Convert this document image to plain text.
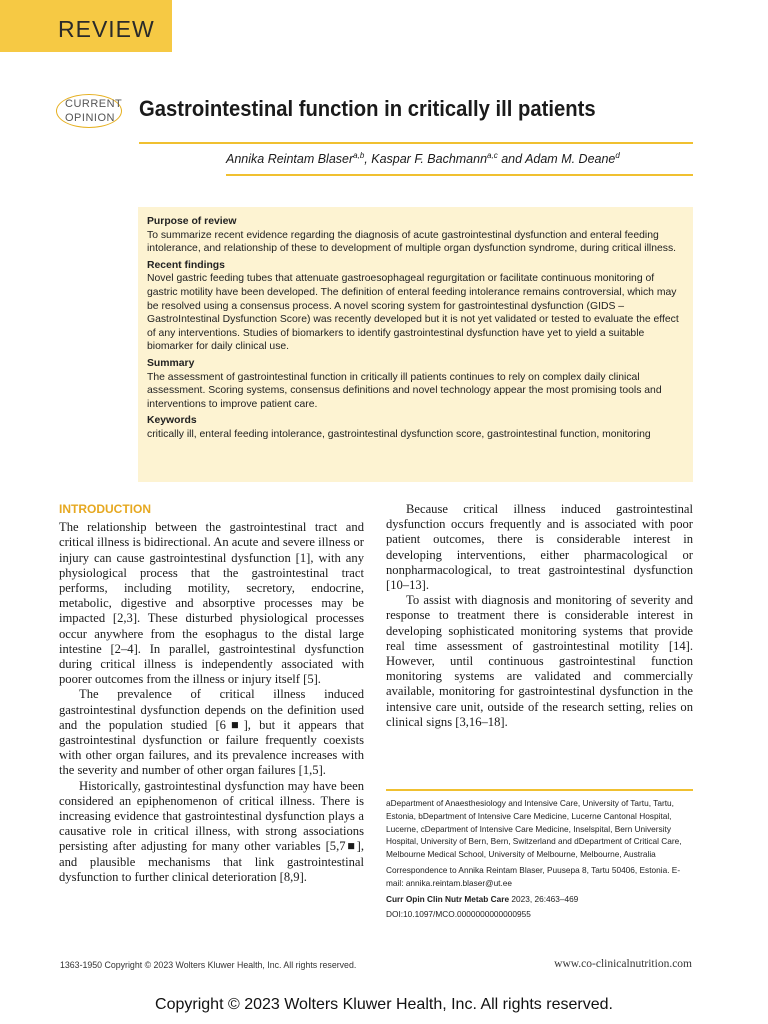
REVIEW
CURRENT
OPINION Gastrointestinal function in critically ill patients
Annika Reintam Blaser$^{a,b}$, Kaspar F. Bachmann$^{a,c}$ and Adam M. Deane$^d$
Purpose of review

To summarize recent evidence regarding the diagnosis of acute gastrointestinal dysfunction and enteral feeding intolerance, and relationship of these to development of multiple organ dysfunction syndrome, during critical illness.

Recent findings

Novel gastric feeding tubes that attenuate gastroesophageal regurgitation or facilitate continuous monitoring of gastric motility have been developed. The definition of enteral feeding intolerance remains controversial, which may be resolved using a consensus process. A novel scoring system for gastrointestinal dysfunction (GIDS – GastroIntestinal Dysfunction Score) was recently developed but it is not yet validated or tested to evaluate the effect of any interventions. Studies of biomarkers to identify gastrointestinal dysfunction have yet to yield a suitable biomarker for daily clinical use.

Summary

The assessment of gastrointestinal function in critically ill patients continues to rely on complex daily clinical assessment. Scoring systems, consensus definitions and novel technology appear the most promising tools and interventions to improve patient care.

Keywords

critically ill, enteral feeding intolerance, gastrointestinal dysfunction score, gastrointestinal function, monitoring

INTRODUCTION

The relationship between the gastrointestinal tract and critical illness is bidirectional. An acute and severe illness or injury can cause gastrointestinal dysfunction [1], with any physiological process that the gastrointestinal tract performs, including motility, secretory, endocrine, metabolic, digestive and absorptive processes may be impacted [2,3]. These disturbed physiological processes occur anywhere from the esophagus to the distal large intestine [2–4]. In parallel, gastrointestinal dysfunction during critical illness is independently associated with poorer outcomes from the illness or injury itself [5].

The prevalence of critical illness induced gastrointestinal dysfunction depends on the definition used and the population studied [6■], but it appears that gastrointestinal dysfunction or failure frequently coexists with other organ failures, and its prevalence increases with the severity and number of other organ failures [1,5].

Historically, gastrointestinal dysfunction may have been considered an epiphenomenon of critical illness. There is increasing evidence that gastrointestinal dysfunction plays a causative role in critical illness, with strong associations persisting after adjusting for many other variables [5,7■], and plausible mechanisms that link gastrointestinal dysfunction to further clinical deterioration [8,9].

Because critical illness induced gastrointestinal dysfunction occurs frequently and is associated with poor patient outcomes, there is considerable interest in developing interventions, either pharmacological or nonpharmacological, to treat gastrointestinal dysfunction [10–13].

To assist with diagnosis and monitoring of severity and response to treatment there is considerable interest in developing sophisticated monitoring systems that provide real time assessment of gastrointestinal motility [14]. However, until continuous gastrointestinal function monitoring systems are validated and commercially available, monitoring for gastrointestinal dysfunction in the intensive care unit, outside of the research setting, relies on clinical signs [3,16–18].

aDepartment of Anaesthesiology and Intensive Care, University of Tartu, Tartu, Estonia, bDepartment of Intensive Care Medicine, Lucerne Cantonal Hospital, Lucerne, cDepartment of Intensive Care Medicine, Inselspital, Bern University Hospital, University of Bern, Bern, Switzerland and dDepartment of Critical Care, Melbourne Medical School, University of Melbourne, Melbourne, Australia

Correspondence to Annika Reintam Blaser, Puusepa 8, Tartu 50406, Estonia. E-mail: annika.reintam.blaser@ut.ee

Curr Opin Clin Nutr Metab Care 2023, 26:463–469

DOI:10.1097/MCO.0000000000000955

1363-1950 Copyright © 2023 Wolters Kluwer Health, Inc. All rights reserved.	www.co-clinicalnutrition.com
Copyright © 2023 Wolters Kluwer Health, Inc. All rights reserved.
